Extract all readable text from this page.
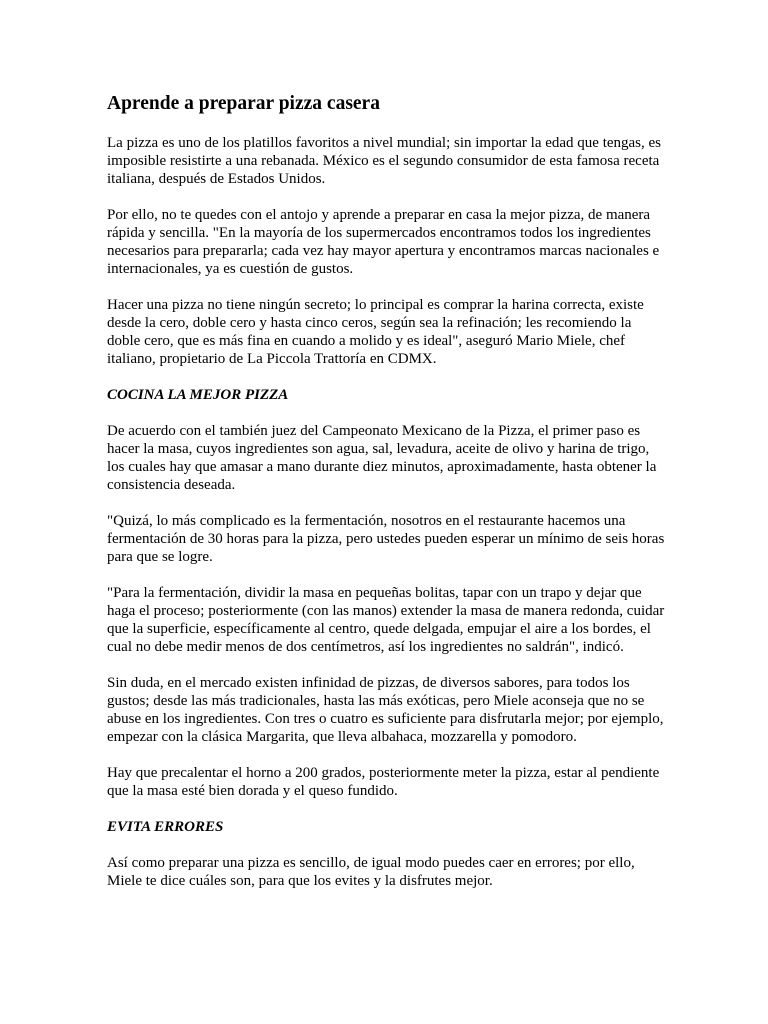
Aprende a preparar pizza casera

La pizza es uno de los platillos favoritos a nivel mundial; sin importar la edad que tengas, es imposible resistirte a una rebanada. México es el segundo consumidor de esta famosa receta italiana, después de Estados Unidos.

Por ello, no te quedes con el antojo y aprende a preparar en casa la mejor pizza, de manera rápida y sencilla. "En la mayoría de los supermercados encontramos todos los ingredientes necesarios para prepararla; cada vez hay mayor apertura y encontramos marcas nacionales e internacionales, ya es cuestión de gustos.

Hacer una pizza no tiene ningún secreto; lo principal es comprar la harina correcta, existe desde la cero, doble cero y hasta cinco ceros, según sea la refinación; les recomiendo la doble cero, que es más fina en cuando a molido y es ideal", aseguró Mario Miele, chef italiano, propietario de La Piccola Trattoría en CDMX.

COCINA LA MEJOR PIZZA

De acuerdo con el también juez del Campeonato Mexicano de la Pizza, el primer paso es hacer la masa, cuyos ingredientes son agua, sal, levadura, aceite de olivo y harina de trigo, los cuales hay que amasar a mano durante diez minutos, aproximadamente, hasta obtener la consistencia deseada.

"Quizá, lo más complicado es la fermentación, nosotros en el restaurante hacemos una fermentación de 30 horas para la pizza, pero ustedes pueden esperar un mínimo de seis horas para que se logre.

"Para la fermentación, dividir la masa en pequeñas bolitas, tapar con un trapo y dejar que haga el proceso; posteriormente (con las manos) extender la masa de manera redonda, cuidar que la superficie, específicamente al centro, quede delgada, empujar el aire a los bordes, el cual no debe medir menos de dos centímetros, así los ingredientes no saldrán", indicó.

Sin duda, en el mercado existen infinidad de pizzas, de diversos sabores, para todos los gustos; desde las más tradicionales, hasta las más exóticas, pero Miele aconseja que no se abuse en los ingredientes. Con tres o cuatro es suficiente para disfrutarla mejor; por ejemplo, empezar con la clásica Margarita, que lleva albahaca, mozzarella y pomodoro.

Hay que precalentar el horno a 200 grados, posteriormente meter la pizza, estar al pendiente que la masa esté bien dorada y el queso fundido.

EVITA ERRORES

Así como preparar una pizza es sencillo, de igual modo puedes caer en errores; por ello, Miele te dice cuáles son, para que los evites y la disfrutes mejor.
